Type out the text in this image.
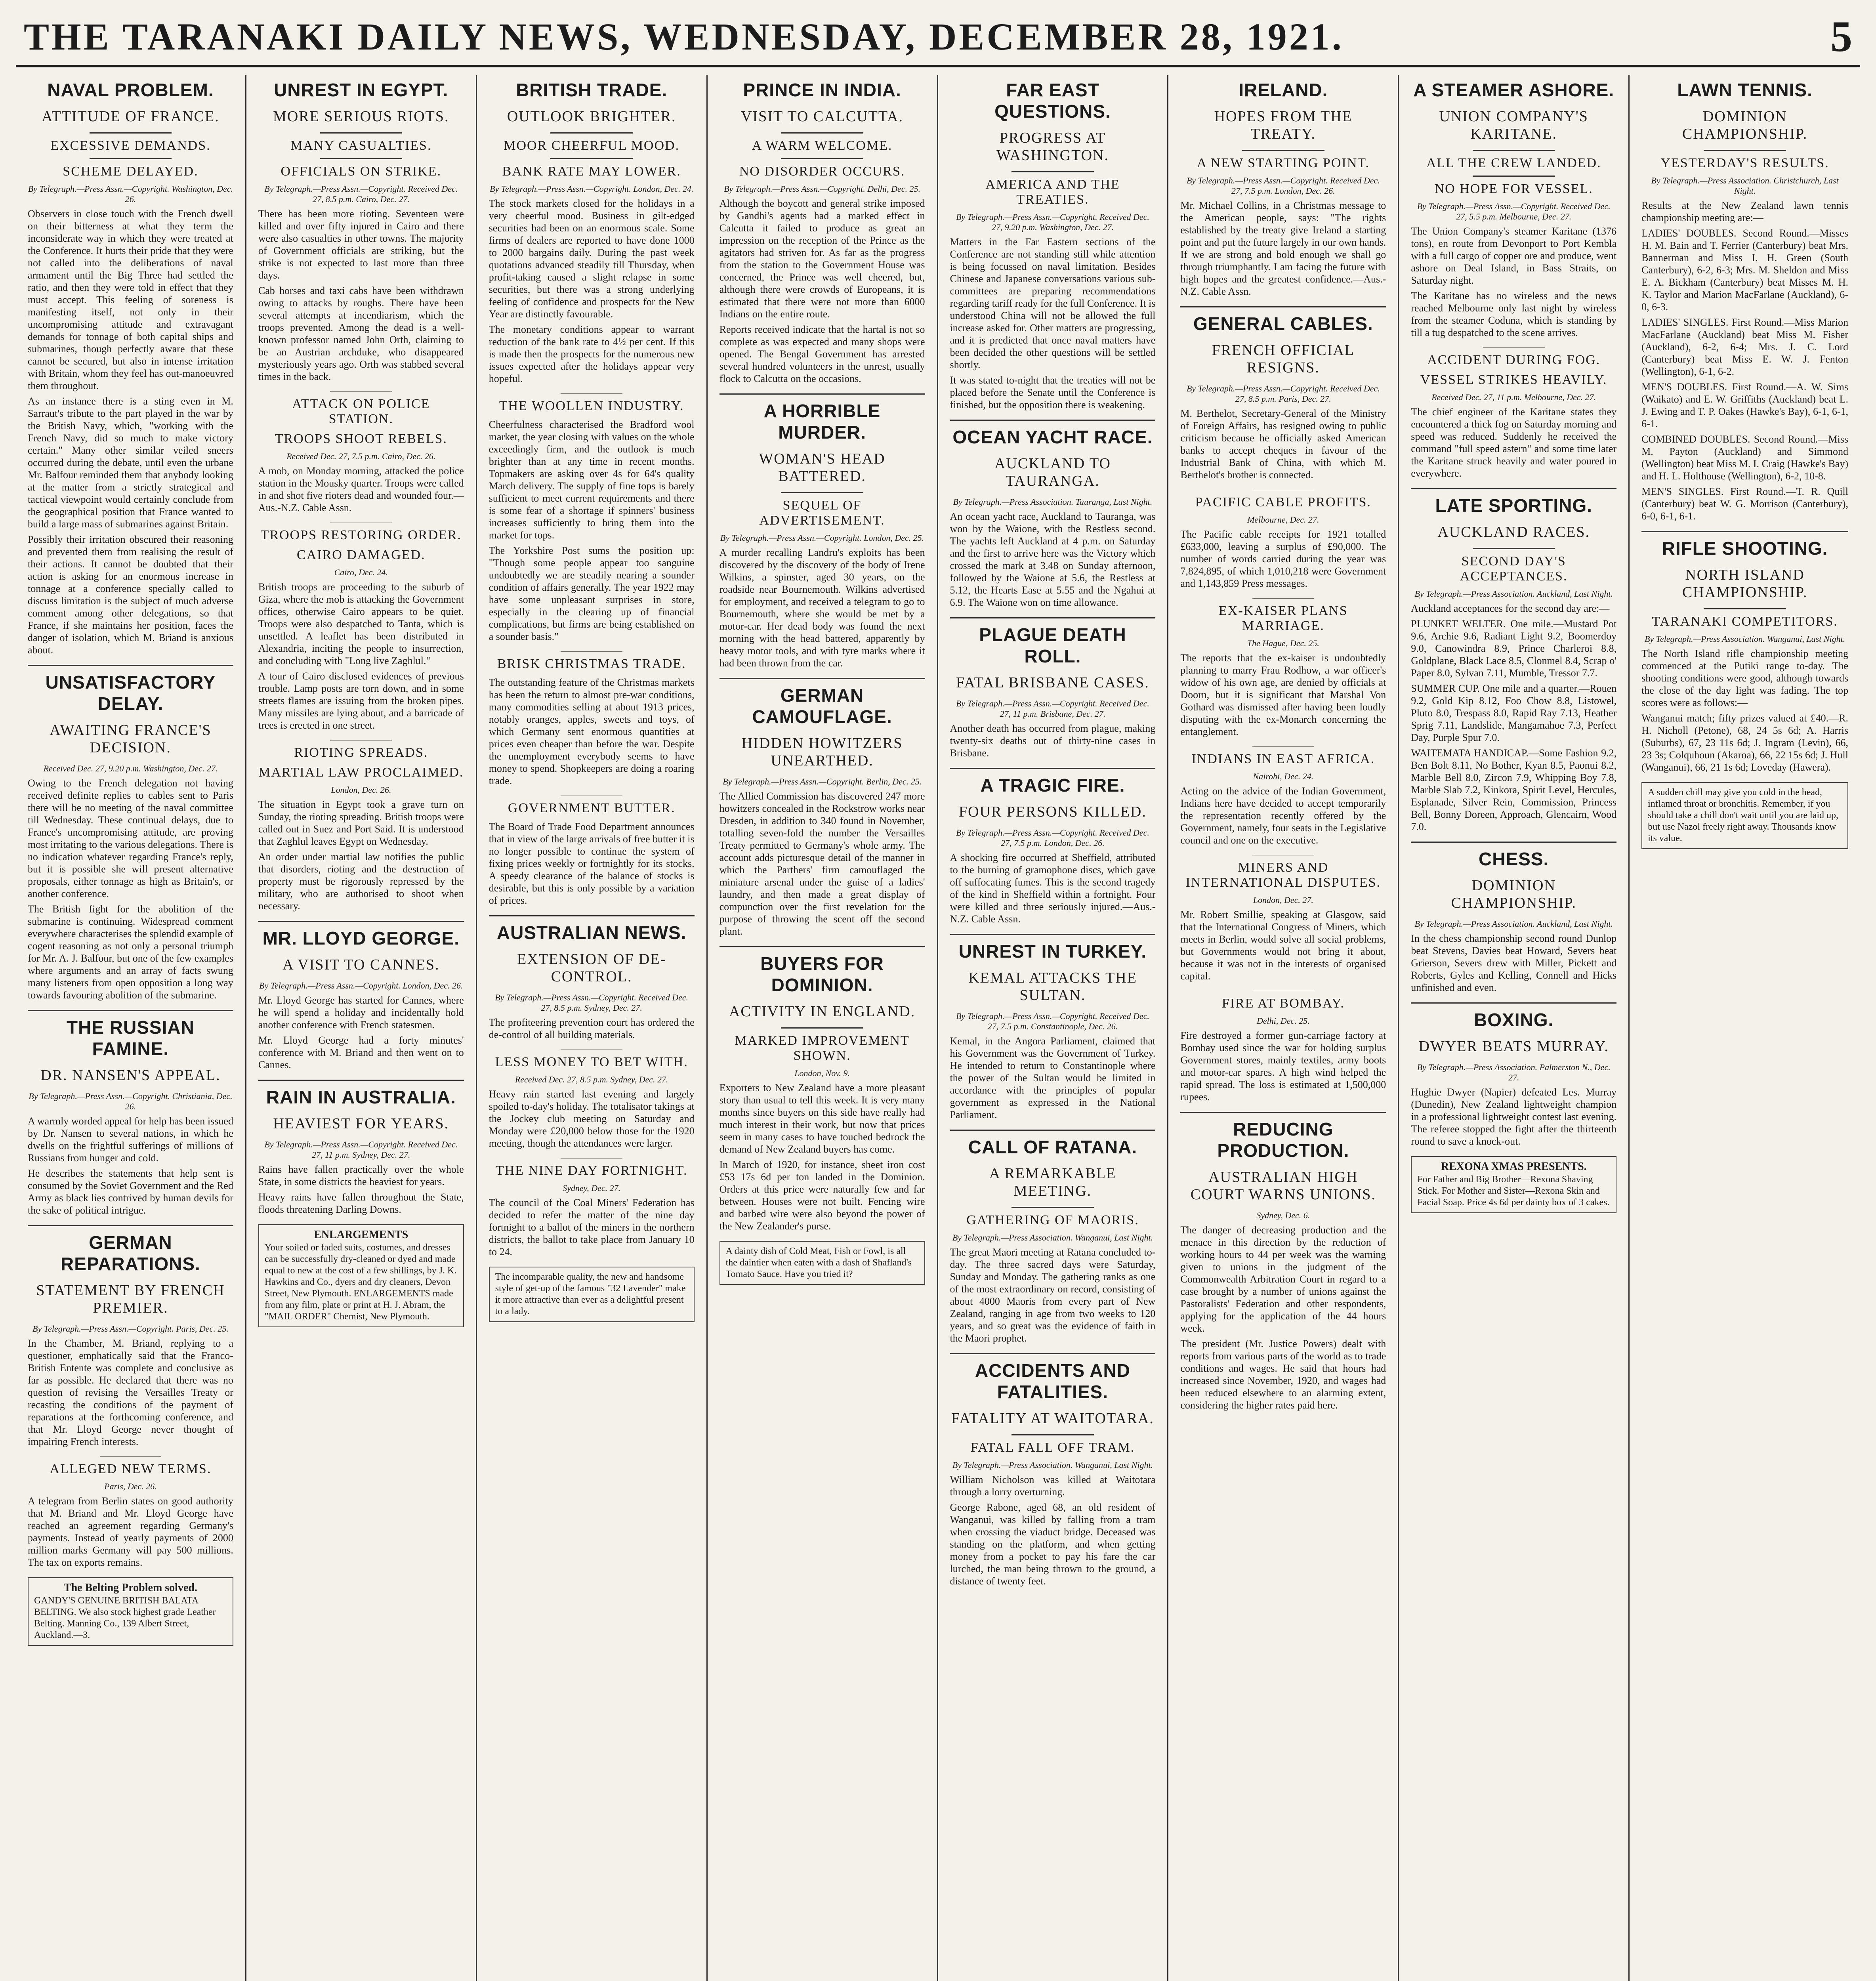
THE TARANAKI DAILY NEWS, WEDNESDAY, DECEMBER 28, 1921.	5
NAVAL PROBLEM.
ATTITUDE OF FRANCE.
EXCESSIVE DEMANDS.
SCHEME DELAYED.
By Telegraph.—Press Assn.—Copyright. Washington, Dec. 26.

Observers in close touch with the French dwell on their bitterness at what they term the inconsiderate way in which they were treated at the Conference. It hurts their pride that they were not called into the deliberations of naval armament until the Big Three had settled the ratio, and then they were told in effect that they must accept. This feeling of soreness is manifesting itself, not only in their uncompromising attitude and extravagant demands for tonnage of both capital ships and submarines, though perfectly aware that these cannot be secured, but also in intense irritation with Britain, whom they feel has out-manoeuvred them throughout.

As an instance there is a sting even in M. Sarraut's tribute to the part played in the war by the British Navy, which, "working with the French Navy, did so much to make victory certain." Many other similar veiled sneers occurred during the debate, until even the urbane Mr. Balfour reminded them that anybody looking at the matter from a strictly strategical and tactical viewpoint would certainly conclude from the geographical position that France wanted to build a large mass of submarines against Britain.

Possibly their irritation obscured their reasoning and prevented them from realising the result of their actions. It cannot be doubted that their action is asking for an enormous increase in tonnage at a conference specially called to discuss limitation is the subject of much adverse comment among other delegations, so that France, if she maintains her position, faces the danger of isolation, which M. Briand is anxious about.

UNSATISFACTORY DELAY.
AWAITING FRANCE'S DECISION.
Received Dec. 27, 9.20 p.m. Washington, Dec. 27.

Owing to the French delegation not having received definite replies to cables sent to Paris there will be no meeting of the naval committee till Wednesday. These continual delays, due to France's uncompromising attitude, are proving most irritating to the various delegations. There is no indication whatever regarding France's reply, but it is possible she will present alternative proposals, either tonnage as high as Britain's, or another conference.

The British fight for the abolition of the submarine is continuing. Widespread comment everywhere characterises the splendid example of cogent reasoning as not only a personal triumph for Mr. A. J. Balfour, but one of the few examples where arguments and an array of facts swung many listeners from open opposition a long way towards favouring abolition of the submarine.

THE RUSSIAN FAMINE.
DR. NANSEN'S APPEAL.
By Telegraph.—Press Assn.—Copyright. Christiania, Dec. 26.

A warmly worded appeal for help has been issued by Dr. Nansen to several nations, in which he dwells on the frightful sufferings of millions of Russians from hunger and cold.

He describes the statements that help sent is consumed by the Soviet Government and the Red Army as black lies contrived by human devils for the sake of political intrigue.

GERMAN REPARATIONS.
STATEMENT BY FRENCH PREMIER.
By Telegraph.—Press Assn.—Copyright. Paris, Dec. 25.

In the Chamber, M. Briand, replying to a questioner, emphatically said that the Franco-British Entente was complete and conclusive as far as possible. He declared that there was no question of revising the Versailles Treaty or recasting the conditions of the payment of reparations at the forthcoming conference, and that Mr. Lloyd George never thought of impairing French interests.

ALLEGED NEW TERMS.
Paris, Dec. 26.

A telegram from Berlin states on good authority that M. Briand and Mr. Lloyd George have reached an agreement regarding Germany's payments. Instead of yearly payments of 2000 million marks Germany will pay 500 millions. The tax on exports remains.

The Belting Problem solved.
GANDY'S GENUINE BRITISH BALATA BELTING. We also stock highest grade Leather Belting. Manning Co., 139 Albert Street, Auckland.—3.
UNREST IN EGYPT.
MORE SERIOUS RIOTS.
MANY CASUALTIES.
OFFICIALS ON STRIKE.
By Telegraph.—Press Assn.—Copyright. Received Dec. 27, 8.5 p.m. Cairo, Dec. 27.

There has been more rioting. Seventeen were killed and over fifty injured in Cairo and there were also casualties in other towns. The majority of Government officials are striking, but the strike is not expected to last more than three days.

Cab horses and taxi cabs have been withdrawn owing to attacks by roughs. There have been several attempts at incendiarism, which the troops prevented. Among the dead is a well-known professor named John Orth, claiming to be an Austrian archduke, who disappeared mysteriously years ago. Orth was stabbed several times in the back.

ATTACK ON POLICE STATION.
TROOPS SHOOT REBELS.
Received Dec. 27, 7.5 p.m. Cairo, Dec. 26.

A mob, on Monday morning, attacked the police station in the Mousky quarter. Troops were called in and shot five rioters dead and wounded four.—Aus.-N.Z. Cable Assn.

TROOPS RESTORING ORDER.
CAIRO DAMAGED.
Cairo, Dec. 24.

British troops are proceeding to the suburb of Giza, where the mob is attacking the Government offices, otherwise Cairo appears to be quiet. Troops were also despatched to Tanta, which is unsettled. A leaflet has been distributed in Alexandria, inciting the people to insurrection, and concluding with "Long live Zaghlul."

A tour of Cairo disclosed evidences of previous trouble. Lamp posts are torn down, and in some streets flames are issuing from the broken pipes. Many missiles are lying about, and a barricade of trees is erected in one street.

RIOTING SPREADS.
MARTIAL LAW PROCLAIMED.
London, Dec. 26.

The situation in Egypt took a grave turn on Sunday, the rioting spreading. British troops were called out in Suez and Port Said. It is understood that Zaghlul leaves Egypt on Wednesday.

An order under martial law notifies the public that disorders, rioting and the destruction of property must be rigorously repressed by the military, who are authorised to shoot when necessary.

MR. LLOYD GEORGE.
A VISIT TO CANNES.
By Telegraph.—Press Assn.—Copyright. London, Dec. 26.

Mr. Lloyd George has started for Cannes, where he will spend a holiday and incidentally hold another conference with French statesmen.

Mr. Lloyd George had a forty minutes' conference with M. Briand and then went on to Cannes.

RAIN IN AUSTRALIA.
HEAVIEST FOR YEARS.
By Telegraph.—Press Assn.—Copyright. Received Dec. 27, 11 p.m. Sydney, Dec. 27.

Rains have fallen practically over the whole State, in some districts the heaviest for years.

Heavy rains have fallen throughout the State, floods threatening Darling Downs.

ENLARGEMENTS
Your soiled or faded suits, costumes, and dresses can be successfully dry-cleaned or dyed and made equal to new at the cost of a few shillings, by J. K. Hawkins and Co., dyers and dry cleaners, Devon Street, New Plymouth. ENLARGEMENTS made from any film, plate or print at H. J. Abram, the "MAIL ORDER" Chemist, New Plymouth.
BRITISH TRADE.
OUTLOOK BRIGHTER.
MOOR CHEERFUL MOOD.
BANK RATE MAY LOWER.
By Telegraph.—Press Assn.—Copyright. London, Dec. 24.

The stock markets closed for the holidays in a very cheerful mood. Business in gilt-edged securities had been on an enormous scale. Some firms of dealers are reported to have done 1000 to 2000 bargains daily. During the past week quotations advanced steadily till Thursday, when profit-taking caused a slight relapse in some securities, but there was a strong underlying feeling of confidence and prospects for the New Year are distinctly favourable.

The monetary conditions appear to warrant reduction of the bank rate to 4½ per cent. If this is made then the prospects for the numerous new issues expected after the holidays appear very hopeful.

THE WOOLLEN INDUSTRY.

Cheerfulness characterised the Bradford wool market, the year closing with values on the whole exceedingly firm, and the outlook is much brighter than at any time in recent months. Topmakers are asking over 4s for 64's quality March delivery. The supply of fine tops is barely sufficient to meet current requirements and there is some fear of a shortage if spinners' business increases sufficiently to bring them into the market for tops.

The Yorkshire Post sums the position up: "Though some people appear too sanguine undoubtedly we are steadily nearing a sounder condition of affairs generally. The year 1922 may have some unpleasant surprises in store, especially in the clearing up of financial complications, but firms are being established on a sounder basis."

BRISK CHRISTMAS TRADE.

The outstanding feature of the Christmas markets has been the return to almost pre-war conditions, many commodities selling at about 1913 prices, notably oranges, apples, sweets and toys, of which Germany sent enormous quantities at prices even cheaper than before the war. Despite the unemployment everybody seems to have money to spend. Shopkeepers are doing a roaring trade.

GOVERNMENT BUTTER.

The Board of Trade Food Department announces that in view of the large arrivals of free butter it is no longer possible to continue the system of fixing prices weekly or fortnightly for its stocks. A speedy clearance of the balance of stocks is desirable, but this is only possible by a variation of prices.

AUSTRALIAN NEWS.
EXTENSION OF DE-CONTROL.
By Telegraph.—Press Assn.—Copyright. Received Dec. 27, 8.5 p.m. Sydney, Dec. 27.

The profiteering prevention court has ordered the de-control of all building materials.

LESS MONEY TO BET WITH.
Received Dec. 27, 8.5 p.m. Sydney, Dec. 27.

Heavy rain started last evening and largely spoiled to-day's holiday. The totalisator takings at the Jockey club meeting on Saturday and Monday were £20,000 below those for the 1920 meeting, though the attendances were larger.

THE NINE DAY FORTNIGHT.
Sydney, Dec. 27.

The council of the Coal Miners' Federation has decided to refer the matter of the nine day fortnight to a ballot of the miners in the northern districts, the ballot to take place from January 10 to 24.

The incomparable quality, the new and handsome style of get-up of the famous "32 Lavender" make it more attractive than ever as a delightful present to a lady.
PRINCE IN INDIA.
VISIT TO CALCUTTA.
A WARM WELCOME.
NO DISORDER OCCURS.
By Telegraph.—Press Assn.—Copyright. Delhi, Dec. 25.

Although the boycott and general strike imposed by Gandhi's agents had a marked effect in Calcutta it failed to produce as great an impression on the reception of the Prince as the agitators had striven for. As far as the progress from the station to the Government House was concerned, the Prince was well cheered, but, although there were crowds of Europeans, it is estimated that there were not more than 6000 Indians on the entire route.

Reports received indicate that the hartal is not so complete as was expected and many shops were opened. The Bengal Government has arrested several hundred volunteers in the unrest, usually flock to Calcutta on the occasions.

A HORRIBLE MURDER.
WOMAN'S HEAD BATTERED.
SEQUEL OF ADVERTISEMENT.
By Telegraph.—Press Assn.—Copyright. London, Dec. 25.

A murder recalling Landru's exploits has been discovered by the discovery of the body of Irene Wilkins, a spinster, aged 30 years, on the roadside near Bournemouth. Wilkins advertised for employment, and received a telegram to go to Bournemouth, where she would be met by a motor-car. Her dead body was found the next morning with the head battered, apparently by heavy motor tools, and with tyre marks where it had been thrown from the car.

GERMAN CAMOUFLAGE.
HIDDEN HOWITZERS UNEARTHED.
By Telegraph.—Press Assn.—Copyright. Berlin, Dec. 25.

The Allied Commission has discovered 247 more howitzers concealed in the Rockstrow works near Dresden, in addition to 340 found in November, totalling seven-fold the number the Versailles Treaty permitted to Germany's whole army. The account adds picturesque detail of the manner in which the Parthers' firm camouflaged the miniature arsenal under the guise of a ladies' laundry, and then made a great display of compunction over the first revelation for the purpose of throwing the scent off the second plant.

BUYERS FOR DOMINION.
ACTIVITY IN ENGLAND.
MARKED IMPROVEMENT SHOWN.
London, Nov. 9.

Exporters to New Zealand have a more pleasant story than usual to tell this week. It is very many months since buyers on this side have really had much interest in their work, but now that prices seem in many cases to have touched bedrock the demand of New Zealand buyers has come.

In March of 1920, for instance, sheet iron cost £53 17s 6d per ton landed in the Dominion. Orders at this price were naturally few and far between. Houses were not built. Fencing wire and barbed wire were also beyond the power of the New Zealander's purse.

A dainty dish of Cold Meat, Fish or Fowl, is all the daintier when eaten with a dash of Shafland's Tomato Sauce. Have you tried it?
FAR EAST QUESTIONS.
PROGRESS AT WASHINGTON.
AMERICA AND THE TREATIES.
By Telegraph.—Press Assn.—Copyright. Received Dec. 27, 9.20 p.m. Washington, Dec. 27.

Matters in the Far Eastern sections of the Conference are not standing still while attention is being focussed on naval limitation. Besides Chinese and Japanese conversations various sub-committees are preparing recommendations regarding tariff ready for the full Conference. It is understood China will not be allowed the full increase asked for. Other matters are progressing, and it is predicted that once naval matters have been decided the other questions will be settled shortly.

It was stated to-night that the treaties will not be placed before the Senate until the Conference is finished, but the opposition there is weakening.

OCEAN YACHT RACE.
AUCKLAND TO TAURANGA.
By Telegraph.—Press Association. Tauranga, Last Night.

An ocean yacht race, Auckland to Tauranga, was won by the Waione, with the Restless second. The yachts left Auckland at 4 p.m. on Saturday and the first to arrive here was the Victory which crossed the mark at 3.48 on Sunday afternoon, followed by the Waione at 5.6, the Restless at 5.12, the Hearts Ease at 5.55 and the Ngahui at 6.9. The Waione won on time allowance.

PLAGUE DEATH ROLL.
FATAL BRISBANE CASES.
By Telegraph.—Press Assn.—Copyright. Received Dec. 27, 11 p.m. Brisbane, Dec. 27.

Another death has occurred from plague, making twenty-six deaths out of thirty-nine cases in Brisbane.

A TRAGIC FIRE.
FOUR PERSONS KILLED.
By Telegraph.—Press Assn.—Copyright. Received Dec. 27, 7.5 p.m. London, Dec. 26.

A shocking fire occurred at Sheffield, attributed to the burning of gramophone discs, which gave off suffocating fumes. This is the second tragedy of the kind in Sheffield within a fortnight. Four were killed and three seriously injured.—Aus.-N.Z. Cable Assn.

UNREST IN TURKEY.
KEMAL ATTACKS THE SULTAN.
By Telegraph.—Press Assn.—Copyright. Received Dec. 27, 7.5 p.m. Constantinople, Dec. 26.

Kemal, in the Angora Parliament, claimed that his Government was the Government of Turkey. He intended to return to Constantinople where the power of the Sultan would be limited in accordance with the principles of popular government as expressed in the National Parliament.

CALL OF RATANA.
A REMARKABLE MEETING.
GATHERING OF MAORIS.
By Telegraph.—Press Association. Wanganui, Last Night.

The great Maori meeting at Ratana concluded to-day. The three sacred days were Saturday, Sunday and Monday. The gathering ranks as one of the most extraordinary on record, consisting of about 4000 Maoris from every part of New Zealand, ranging in age from two weeks to 120 years, and so great was the evidence of faith in the Maori prophet.

ACCIDENTS AND FATALITIES.
FATALITY AT WAITOTARA.
FATAL FALL OFF TRAM.
By Telegraph.—Press Association. Wanganui, Last Night.

William Nicholson was killed at Waitotara through a lorry overturning.

George Rabone, aged 68, an old resident of Wanganui, was killed by falling from a tram when crossing the viaduct bridge. Deceased was standing on the platform, and when getting money from a pocket to pay his fare the car lurched, the man being thrown to the ground, a distance of twenty feet.

IRELAND.
HOPES FROM THE TREATY.
A NEW STARTING POINT.
By Telegraph.—Press Assn.—Copyright. Received Dec. 27, 7.5 p.m. London, Dec. 26.

Mr. Michael Collins, in a Christmas message to the American people, says: "The rights established by the treaty give Ireland a starting point and put the future largely in our own hands. If we are strong and bold enough we shall go through triumphantly. I am facing the future with high hopes and the greatest confidence.—Aus.-N.Z. Cable Assn.

GENERAL CABLES.
FRENCH OFFICIAL RESIGNS.
By Telegraph.—Press Assn.—Copyright. Received Dec. 27, 8.5 p.m. Paris, Dec. 27.

M. Berthelot, Secretary-General of the Ministry of Foreign Affairs, has resigned owing to public criticism because he officially asked American banks to accept cheques in favour of the Industrial Bank of China, with which M. Berthelot's brother is connected.

PACIFIC CABLE PROFITS.
Melbourne, Dec. 27.

The Pacific cable receipts for 1921 totalled £633,000, leaving a surplus of £90,000. The number of words carried during the year was 7,824,895, of which 1,010,218 were Government and 1,143,859 Press messages.

EX-KAISER PLANS MARRIAGE.
The Hague, Dec. 25.

The reports that the ex-kaiser is undoubtedly planning to marry Frau Rodhow, a war officer's widow of his own age, are denied by officials at Doorn, but it is significant that Marshal Von Gothard was dismissed after having been loudly disputing with the ex-Monarch concerning the entanglement.

INDIANS IN EAST AFRICA.
Nairobi, Dec. 24.

Acting on the advice of the Indian Government, Indians here have decided to accept temporarily the representation recently offered by the Government, namely, four seats in the Legislative council and one on the executive.

MINERS AND INTERNATIONAL DISPUTES.
London, Dec. 27.

Mr. Robert Smillie, speaking at Glasgow, said that the International Congress of Miners, which meets in Berlin, would solve all social problems, but Governments would not bring it about, because it was not in the interests of organised capital.

FIRE AT BOMBAY.
Delhi, Dec. 25.

Fire destroyed a former gun-carriage factory at Bombay used since the war for holding surplus Government stores, mainly textiles, army boots and motor-car spares. A high wind helped the rapid spread. The loss is estimated at 1,500,000 rupees.

REDUCING PRODUCTION.
AUSTRALIAN HIGH COURT WARNS UNIONS.
Sydney, Dec. 6.

The danger of decreasing production and the menace in this direction by the reduction of working hours to 44 per week was the warning given to unions in the judgment of the Commonwealth Arbitration Court in regard to a case brought by a number of unions against the Pastoralists' Federation and other respondents, applying for the application of the 44 hours week.

The president (Mr. Justice Powers) dealt with reports from various parts of the world as to trade conditions and wages. He said that hours had increased since November, 1920, and wages had been reduced elsewhere to an alarming extent, considering the higher rates paid here.

A STEAMER ASHORE.
UNION COMPANY'S KARITANE.
ALL THE CREW LANDED.
NO HOPE FOR VESSEL.
By Telegraph.—Press Assn.—Copyright. Received Dec. 27, 5.5 p.m. Melbourne, Dec. 27.

The Union Company's steamer Karitane (1376 tons), en route from Devonport to Port Kembla with a full cargo of copper ore and produce, went ashore on Deal Island, in Bass Straits, on Saturday night.

The Karitane has no wireless and the news reached Melbourne only last night by wireless from the steamer Coduna, which is standing by till a tug despatched to the scene arrives.

ACCIDENT DURING FOG.
VESSEL STRIKES HEAVILY.
Received Dec. 27, 11 p.m. Melbourne, Dec. 27.

The chief engineer of the Karitane states they encountered a thick fog on Saturday morning and speed was reduced. Suddenly he received the command "full speed astern" and some time later the Karitane struck heavily and water poured in everywhere.

LATE SPORTING.
AUCKLAND RACES.
SECOND DAY'S ACCEPTANCES.
By Telegraph.—Press Association. Auckland, Last Night.

Auckland acceptances for the second day are:—

PLUNKET WELTER. One mile.—Mustard Pot 9.6, Archie 9.6, Radiant Light 9.2, Boomerdoy 9.0, Canowindra 8.9, Prince Charleroi 8.8, Goldplane, Black Lace 8.5, Clonmel 8.4, Scrap o' Paper 8.0, Sylvan 7.11, Mumble, Tressor 7.7.

SUMMER CUP. One mile and a quarter.—Rouen 9.2, Gold Kip 8.12, Foo Chow 8.8, Listowel, Pluto 8.0, Trespass 8.0, Rapid Ray 7.13, Heather Sprig 7.11, Landslide, Mangamahoe 7.3, Perfect Day, Purple Spur 7.0.

WAITEMATA HANDICAP.—Some Fashion 9.2, Ben Bolt 8.11, No Bother, Kyan 8.5, Paonui 8.2, Marble Bell 8.0, Zircon 7.9, Whipping Boy 7.8, Marble Slab 7.2, Kinkora, Spirit Level, Hercules, Esplanade, Silver Rein, Commission, Princess Bell, Bonny Doreen, Approach, Glencairn, Wood 7.0.

CHESS.
DOMINION CHAMPIONSHIP.
By Telegraph.—Press Association. Auckland, Last Night.

In the chess championship second round Dunlop beat Stevens, Davies beat Howard, Severs beat Grierson, Severs drew with Miller, Pickett and Roberts, Gyles and Kelling, Connell and Hicks unfinished and even.

BOXING.
DWYER BEATS MURRAY.
By Telegraph.—Press Association. Palmerston N., Dec. 27.

Hughie Dwyer (Napier) defeated Les. Murray (Dunedin), New Zealand lightweight champion in a professional lightweight contest last evening. The referee stopped the fight after the thirteenth round to save a knock-out.

REXONA XMAS PRESENTS.
For Father and Big Brother—Rexona Shaving Stick. For Mother and Sister—Rexona Skin and Facial Soap. Price 4s 6d per dainty box of 3 cakes.
LAWN TENNIS.
DOMINION CHAMPIONSHIP.
YESTERDAY'S RESULTS.
By Telegraph.—Press Association. Christchurch, Last Night.

Results at the New Zealand lawn tennis championship meeting are:—

LADIES' DOUBLES. Second Round.—Misses H. M. Bain and T. Ferrier (Canterbury) beat Mrs. Bannerman and Miss I. H. Green (South Canterbury), 6-2, 6-3; Mrs. M. Sheldon and Miss E. A. Bickham (Canterbury) beat Misses M. H. K. Taylor and Marion MacFarlane (Auckland), 6-0, 6-3.

LADIES' SINGLES. First Round.—Miss Marion MacFarlane (Auckland) beat Miss M. Fisher (Auckland), 6-2, 6-4; Mrs. J. C. Lord (Canterbury) beat Miss E. W. J. Fenton (Wellington), 6-1, 6-2.

MEN'S DOUBLES. First Round.—A. W. Sims (Waikato) and E. W. Griffiths (Auckland) beat L. J. Ewing and T. P. Oakes (Hawke's Bay), 6-1, 6-1, 6-1.

COMBINED DOUBLES. Second Round.—Miss M. Payton (Auckland) and Simmond (Wellington) beat Miss M. I. Craig (Hawke's Bay) and H. L. Holthouse (Wellington), 6-2, 10-8.

MEN'S SINGLES. First Round.—T. R. Quill (Canterbury) beat W. G. Morrison (Canterbury), 6-0, 6-1, 6-1.

RIFLE SHOOTING.
NORTH ISLAND CHAMPIONSHIP.
TARANAKI COMPETITORS.
By Telegraph.—Press Association. Wanganui, Last Night.

The North Island rifle championship meeting commenced at the Putiki range to-day. The shooting conditions were good, although towards the close of the day light was fading. The top scores were as follows:—

Wanganui match; fifty prizes valued at £40.—R. H. Nicholl (Petone), 68, 24 5s 6d; A. Harris (Suburbs), 67, 23 11s 6d; J. Ingram (Levin), 66, 23 3s; Colquhoun (Akaroa), 66, 22 15s 6d; J. Hull (Wanganui), 66, 21 1s 6d; Loveday (Hawera).

A sudden chill may give you cold in the head, inflamed throat or bronchitis. Remember, if you should take a chill don't wait until you are laid up, but use Nazol freely right away. Thousands know its value.
